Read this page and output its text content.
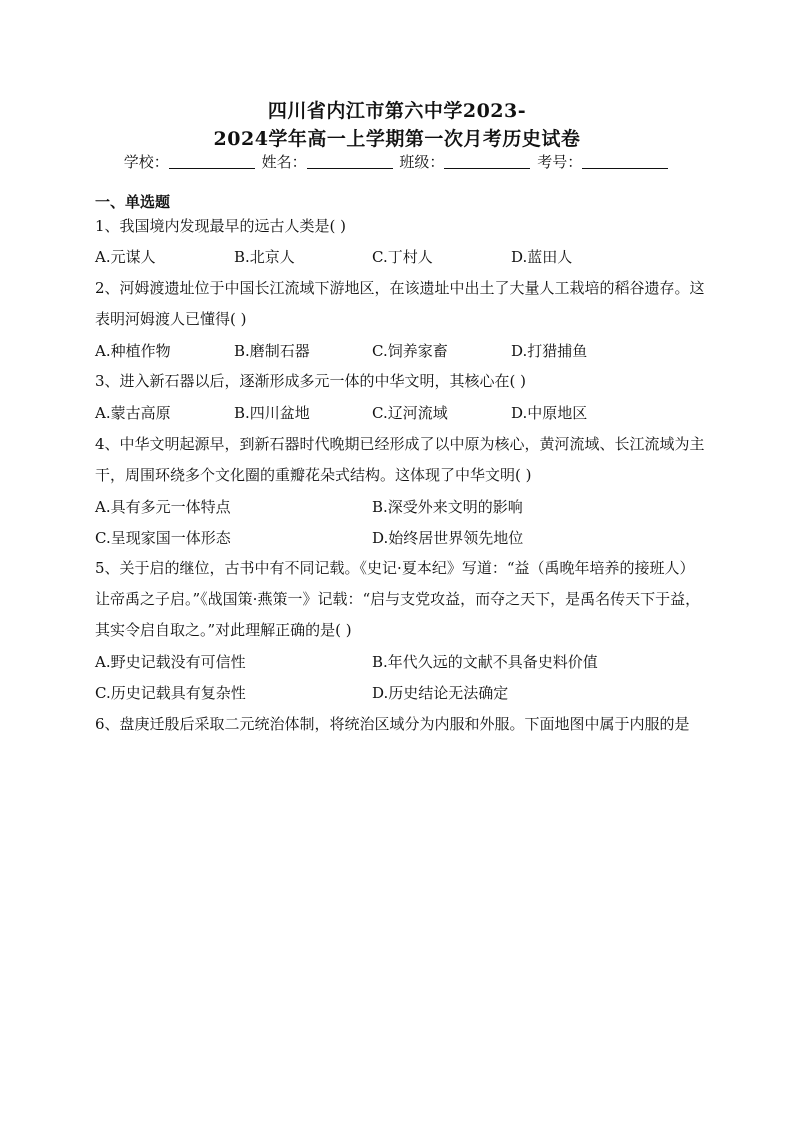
四川省内江市第六中学2023-
2024学年高一上学期第一次月考历史试卷
学校：	姓名：	班级：	考号：
一、单选题
1、我国境内发现最早的远古人类是( )
A.元谋人	B.北京人	C.丁村人	D.蓝田人
2、河姆渡遗址位于中国长江流域下游地区，在该遗址中出土了大量人工栽培的稻谷遗存。这表明河姆渡人已懂得( )
A.种植作物	B.磨制石器	C.饲养家畜	D.打猎捕鱼
3、进入新石器以后，逐渐形成多元一体的中华文明，其核心在( )
A.蒙古高原	B.四川盆地	C.辽河流域	D.中原地区
4、中华文明起源早，到新石器时代晚期已经形成了以中原为核心，黄河流域、长江流域为主干，周围环绕多个文化圈的重瓣花朵式结构。这体现了中华文明( )
A.具有多元一体特点	B.深受外来文明的影响
C.呈现家国一体形态	D.始终居世界领先地位
5、关于启的继位，古书中有不同记载。《史记·夏本纪》写道：“益（禹晚年培养的接班人）让帝禹之子启。”《战国策·燕策一》记载：“启与支党攻益，而夺之天下，是禹名传天下于益，其实令启自取之。”对此理解正确的是( )
A.野史记载没有可信性	B.年代久远的文献不具备史料价值
C.历史记载具有复杂性	D.历史结论无法确定
6、盘庚迁殷后采取二元统治体制，将统治区域分为内服和外服。下面地图中属于内服的是
